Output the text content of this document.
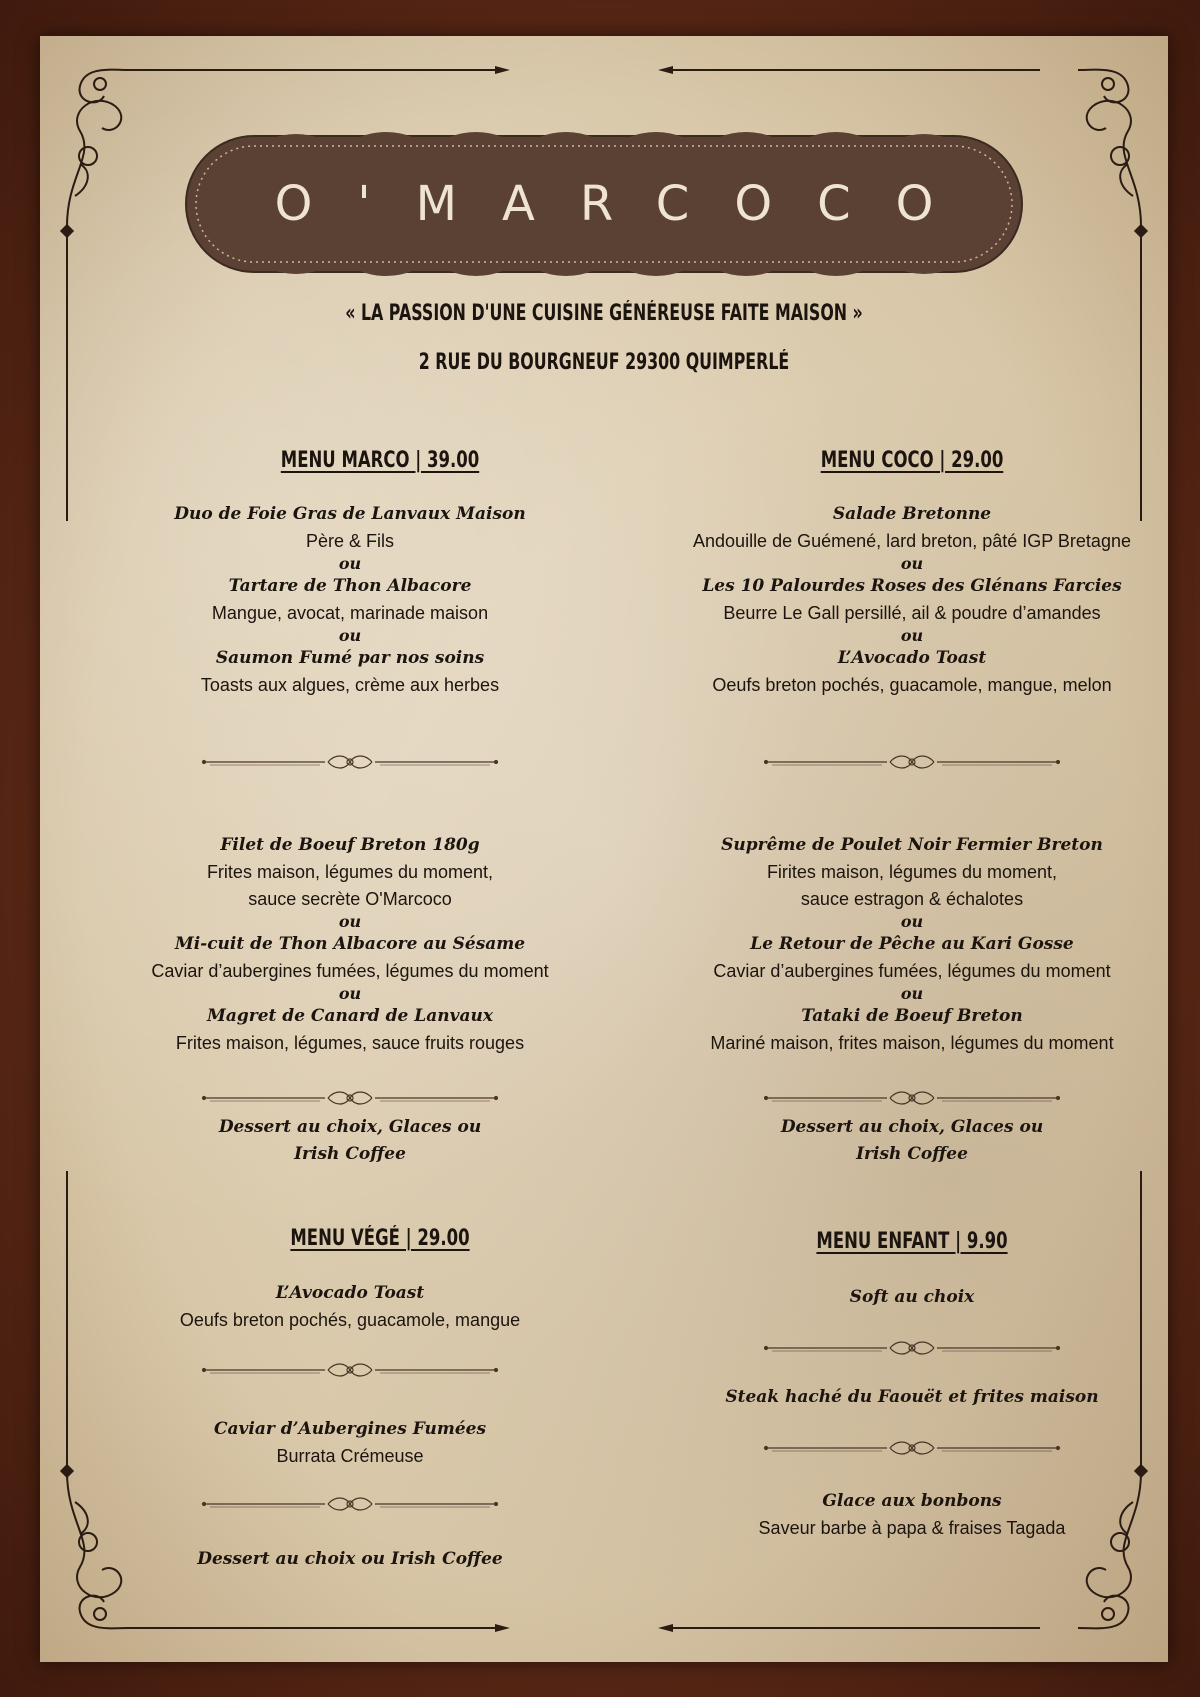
O'MARCOCO
« LA PASSION D'UNE CUISINE GÉNÉREUSE FAITE MAISON »
2 RUE DU BOURGNEUF 29300 QUIMPERLÉ
MENU MARCO | 39.00
Duo de Foie Gras de Lanvaux Maison
Père & Fils
ou
Tartare de Thon Albacore
Mangue, avocat, marinade maison
ou
Saumon Fumé par nos soins
Toasts aux algues, crème aux herbes
Filet de Boeuf Breton 180g
Frites maison, légumes du moment,
sauce secrète O'Marcoco
ou
Mi-cuit de Thon Albacore au Sésame
Caviar d’aubergines fumées, légumes du moment
ou
Magret de Canard de Lanvaux
Frites maison, légumes, sauce fruits rouges
Dessert au choix, Glaces ou
Irish Coffee
MENU COCO | 29.00
Salade Bretonne
Andouille de Guémené, lard breton, pâté IGP Bretagne
ou
Les 10 Palourdes Roses des Glénans Farcies
Beurre Le Gall persillé, ail & poudre d’amandes
ou
L’Avocado Toast
Oeufs breton pochés, guacamole, mangue, melon
Suprême de Poulet Noir Fermier Breton
Firites maison, légumes du moment,
sauce estragon & échalotes
ou
Le Retour de Pêche au Kari Gosse
Caviar d’aubergines fumées, légumes du moment
ou
Tataki de Boeuf Breton
Mariné maison, frites maison, légumes du moment
Dessert au choix, Glaces ou
Irish Coffee
MENU VÉGÉ | 29.00
L’Avocado Toast
Oeufs breton pochés, guacamole, mangue
Caviar d’Aubergines Fumées
Burrata Crémeuse
Dessert au choix ou Irish Coffee
MENU ENFANT | 9.90
Soft au choix
Steak haché du Faouët et frites maison
Glace aux bonbons
Saveur barbe à papa & fraises Tagada
